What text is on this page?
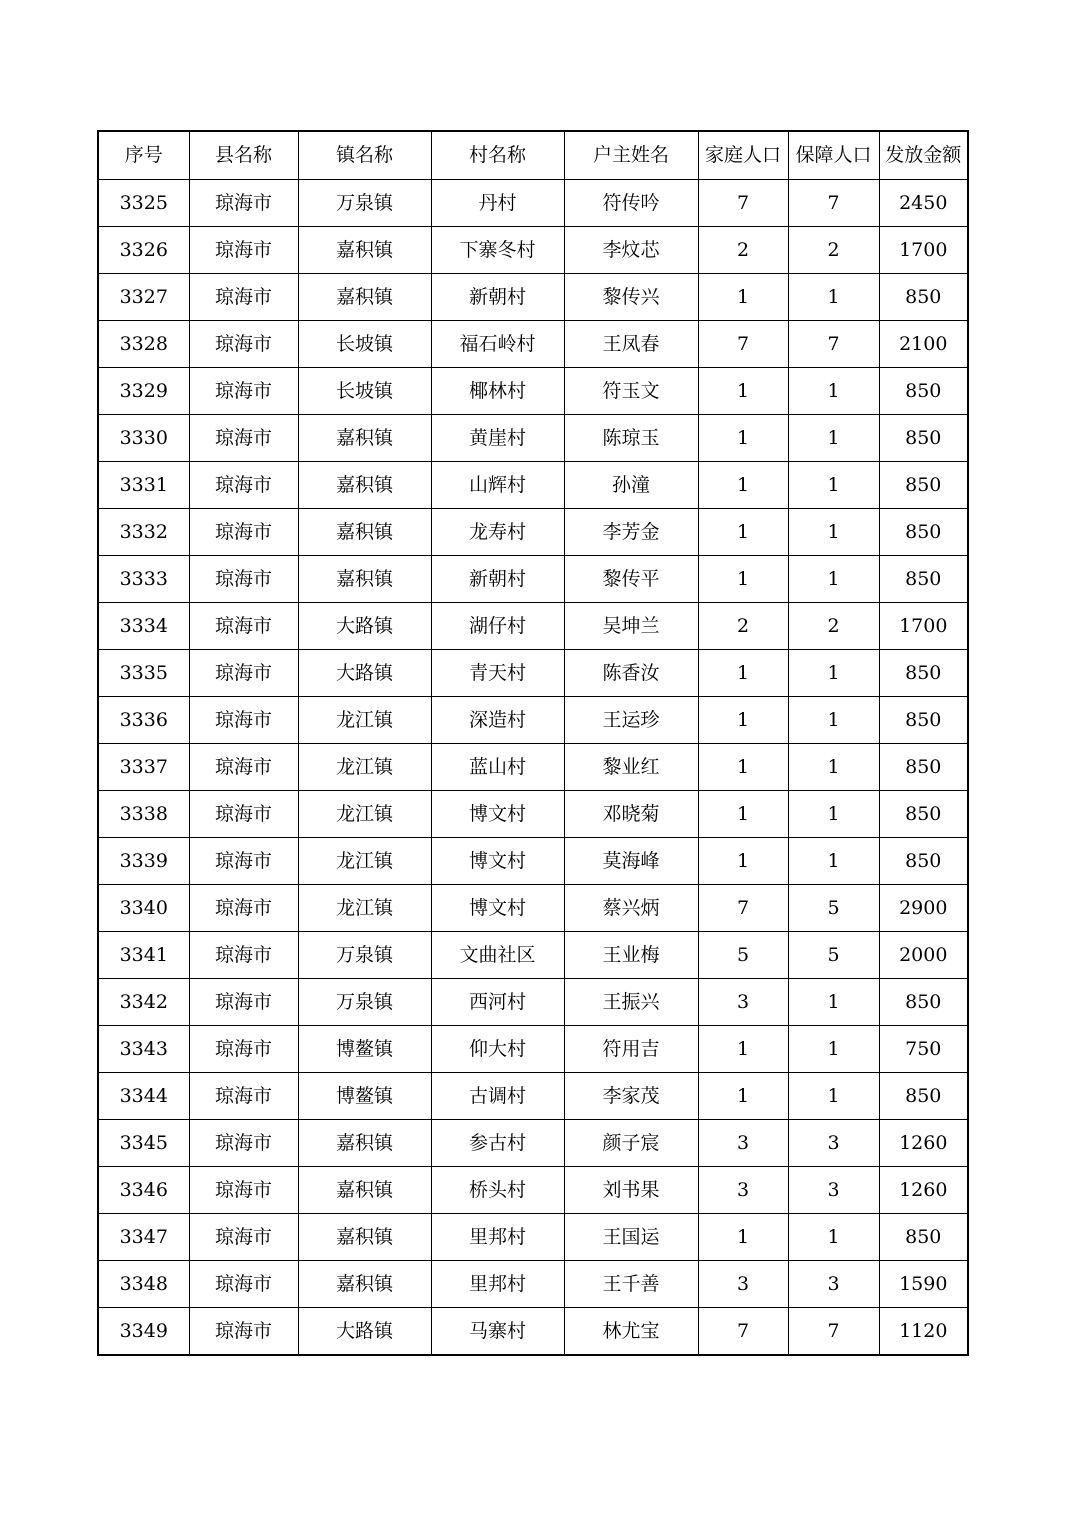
序号	县名称	镇名称	村名称	户主姓名	家庭人口	保障人口	发放金额
3325	琼海市	万泉镇	丹村	符传吟	7	7	2450
3326	琼海市	嘉积镇	下寨冬村	李炆芯	2	2	1700
3327	琼海市	嘉积镇	新朝村	黎传兴	1	1	850
3328	琼海市	长坡镇	福石岭村	王凤春	7	7	2100
3329	琼海市	长坡镇	椰林村	符玉文	1	1	850
3330	琼海市	嘉积镇	黄崖村	陈琼玉	1	1	850
3331	琼海市	嘉积镇	山辉村	孙潼	1	1	850
3332	琼海市	嘉积镇	龙寿村	李芳金	1	1	850
3333	琼海市	嘉积镇	新朝村	黎传平	1	1	850
3334	琼海市	大路镇	湖仔村	吴坤兰	2	2	1700
3335	琼海市	大路镇	青天村	陈香汝	1	1	850
3336	琼海市	龙江镇	深造村	王运珍	1	1	850
3337	琼海市	龙江镇	蓝山村	黎业红	1	1	850
3338	琼海市	龙江镇	博文村	邓晓菊	1	1	850
3339	琼海市	龙江镇	博文村	莫海峰	1	1	850
3340	琼海市	龙江镇	博文村	蔡兴炳	7	5	2900
3341	琼海市	万泉镇	文曲社区	王业梅	5	5	2000
3342	琼海市	万泉镇	西河村	王振兴	3	1	850
3343	琼海市	博鳌镇	仰大村	符用吉	1	1	750
3344	琼海市	博鳌镇	古调村	李家茂	1	1	850
3345	琼海市	嘉积镇	参古村	颜子宸	3	3	1260
3346	琼海市	嘉积镇	桥头村	刘书果	3	3	1260
3347	琼海市	嘉积镇	里邦村	王国运	1	1	850
3348	琼海市	嘉积镇	里邦村	王千善	3	3	1590
3349	琼海市	大路镇	马寨村	林尤宝	7	7	1120
